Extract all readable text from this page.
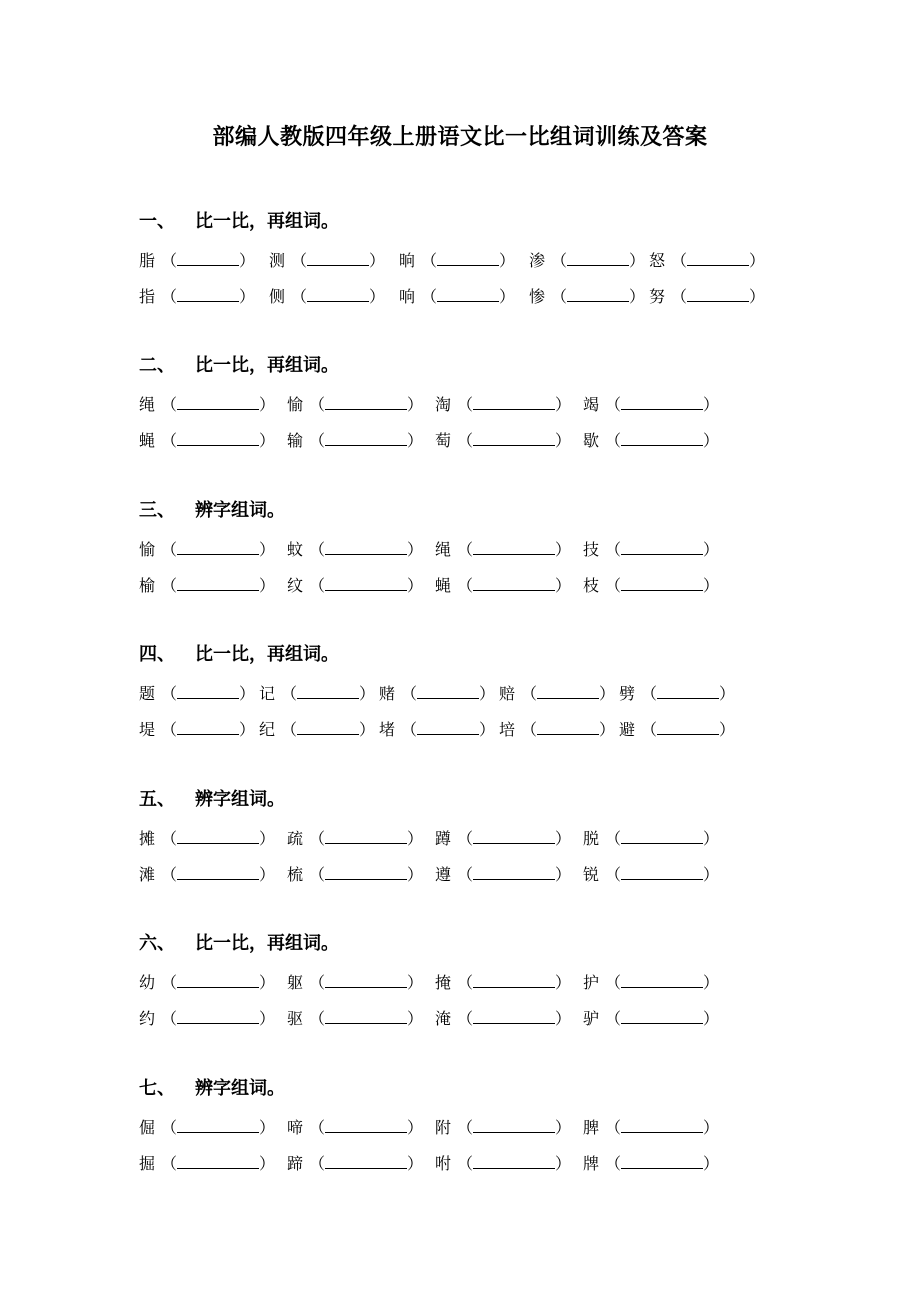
部编人教版四年级上册语文比一比组词训练及答案
一、 比一比，再组词。
脂 （	） 测 （	） 晌 （	） 渗 （	） 怒 （	）
指 （	） 侧 （	） 响 （	） 惨 （	） 努 （	）
二、 比一比，再组词。
绳 （	） 愉 （	） 淘 （	） 竭 （	）
蝇 （	） 输 （	） 萄 （	） 歇 （	）
三、 辨字组词。
愉 （	） 蚊 （	） 绳 （	） 技 （	）
榆 （	） 纹 （	） 蝇 （	） 枝 （	）
四、 比一比，再组词。
题 （	） 记 （	） 赌 （	） 赔 （	） 劈 （	）
堤 （	） 纪 （	） 堵 （	） 培 （	） 避 （	）
五、 辨字组词。
摊 （	） 疏 （	） 蹲 （	） 脱 （	）
滩 （	） 梳 （	） 遵 （	） 锐 （	）
六、 比一比，再组词。
幼 （	） 躯 （	） 掩 （	） 护 （	）
约 （	） 驱 （	） 淹 （	） 驴 （	）
七、 辨字组词。
倔 （	） 啼 （	） 附 （	） 脾 （	）
掘 （	） 蹄 （	） 咐 （	） 牌 （	）
